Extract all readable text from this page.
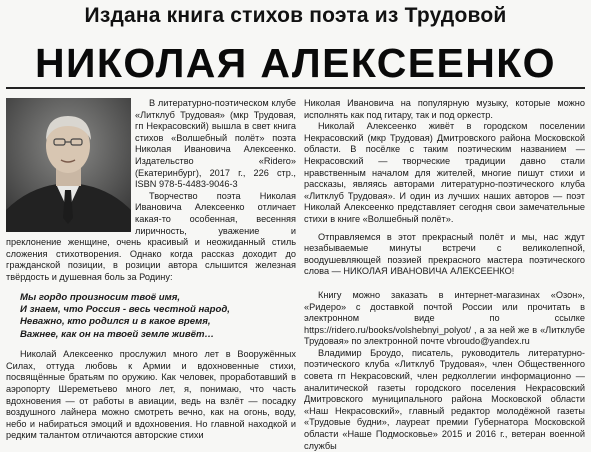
Издана книга стихов поэта из Трудовой
НИКОЛАЯ АЛЕКСЕЕНКО

В литературно-поэтическом клубе «Литклуб Трудовая» (мкр Трудовая, гп Некрасовский) вышла в свет книга стихов «Волшебный полёт» поэта Николая Ивановича Алексеенко. Издательство «Ridero» (Екатеринбург), 2017 г., 226 стр., ISBN 978-5-4483-9046-3

Творчество поэта Николая Ивановича Алексеенко отличает какая-то особенная, весенняя лиричность, уважение и преклонение женщине, очень красивый и неожиданный стиль сложения стихотворения. Однако когда рассказ доходит до гражданской позиции, в розиции автора слышится железная твёрдость и душевная боль за Родину:

Мы гордо произносим твоё имя,
И знаем, что Россия - весь честной народ,
Неважно, кто родился и в какое время,
Важнее, как он на твоей земле живёт…

Николай Алексеенко прослужил много лет в Вооружённых Силах, оттуда любовь к Армии и вдохновенные стихи, посвящённые братьям по оружию. Как человек, проработавший в аэропорту Шереметьево много лет, я, понимаю, что часть вдохновения — от работы в авиации, ведь на взлёт — посадку воздушного лайнера можно смотреть вечно, как на огонь, воду, небо и набираться эмоций и вдохновения. Но главной находкой и редким талантом отличаются авторские стихи

Николая Ивановича на популярную музыку, которые можно исполнять как под гитару, так и под оркестр.

Николай Алексеенко живёт в городском поселении Некрасовский (мкр Трудовая) Дмитровского района Московской области. В посёлке с таким поэтическим названием — Некрасовский — творческие традиции давно стали нравственным началом для жителей, многие пишут стихи и рассказы, являясь авторами литературно-поэтического клуба «Литклуб Трудовая». И один из лучших наших авторов — поэт Николай Алексеенко представляет сегодня свои замечательные стихи в книге «Волшебный полёт».

Отправляемся в этот прекрасный полёт и мы, нас ждут незабываемые минуты встречи с великолепной, воодушевляющей поэзией прекрасного мастера поэтического слова — НИКОЛАЯ ИВАНОВИЧА АЛЕКСЕЕНКО!

Книгу можно заказать в интернет-магазинах «Озон», «Ридеро» с доставкой почтой России или прочитать в электронном виде по ссылке https://ridero.ru/books/volshebnyi_polyot/ , а за ней же в «Литклубе Трудовая» по электронной почте vbroudo@yandex.ru

Владимир Броудо, писатель, руководитель литературно-поэтического клуба «Литклуб Трудовая», член Общественного совета гп Некрасовский, член редколлегии информационно — аналитической газеты городского поселения Некрасовский Дмитровского муниципального района Московской области «Наш Некрасовский», главный редактор молодёжной газеты «Трудовые будни», лауреат премии Губернатора Московской области «Наше Подмосковье» 2015 и 2016 г., ветеран военной службы
